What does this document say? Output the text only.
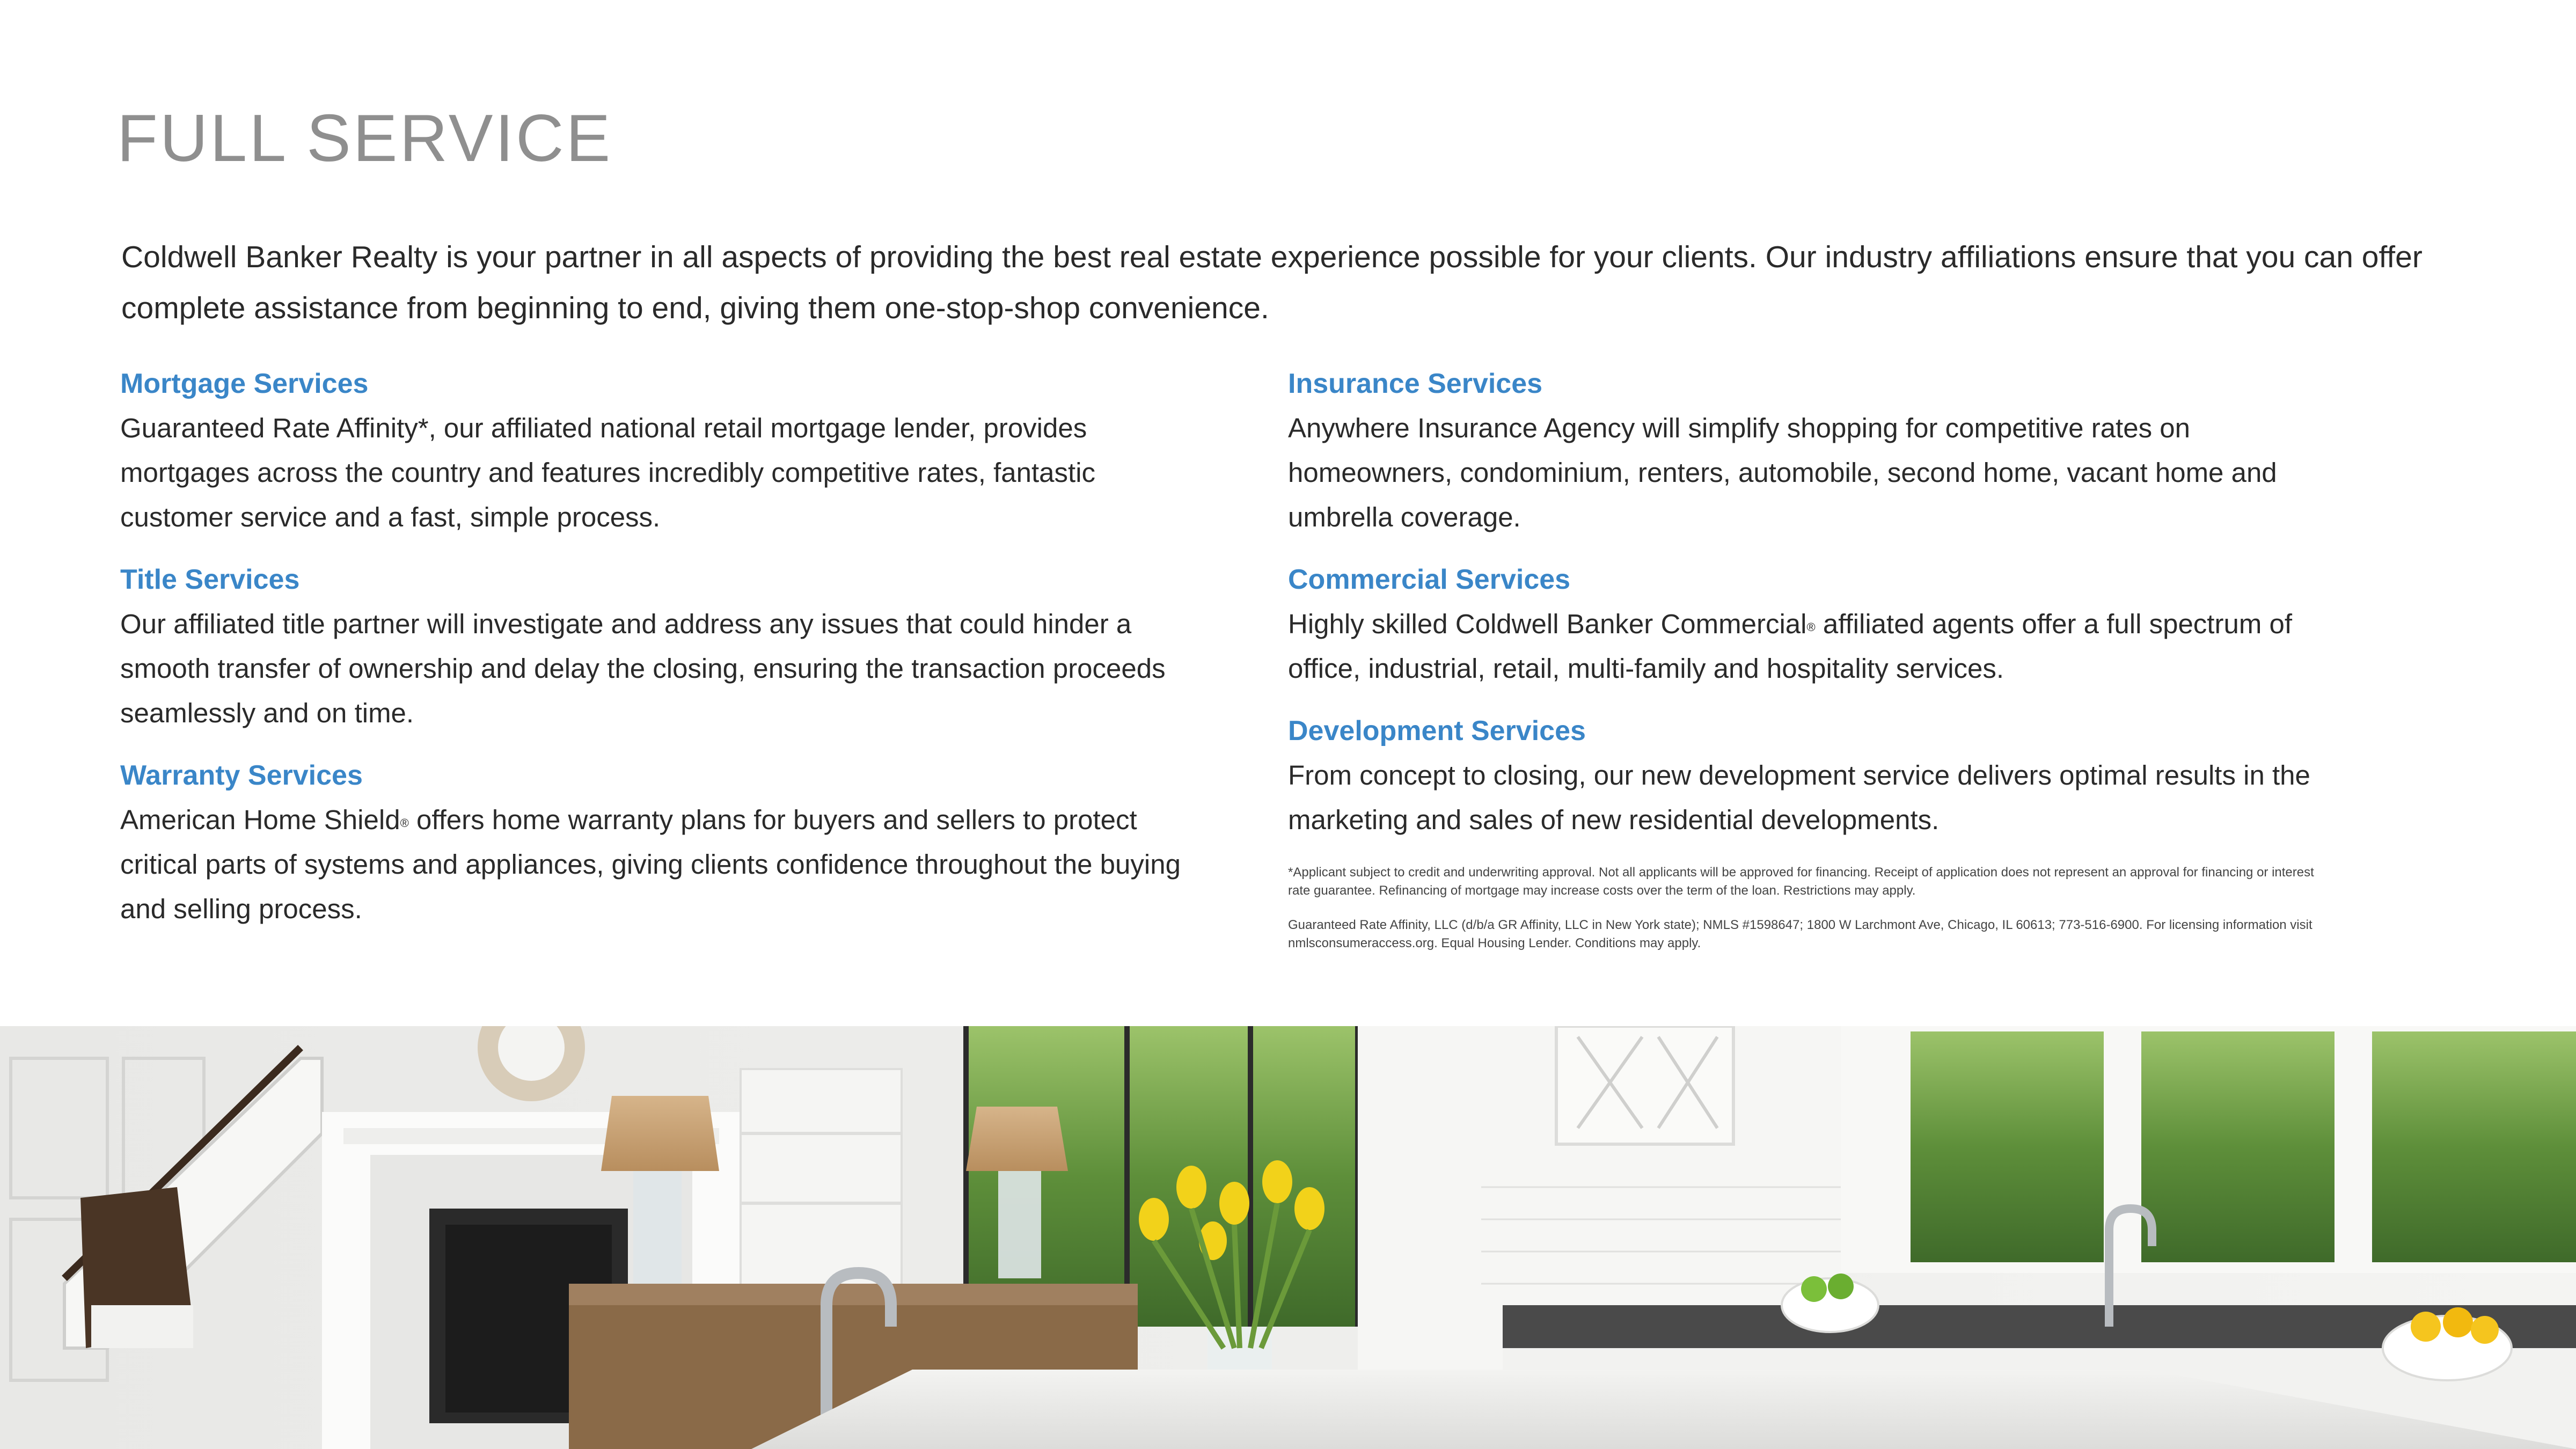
FULL SERVICE

Coldwell Banker Realty is your partner in all aspects of providing the best real estate experience possible for your clients. Our industry affiliations ensure that you can offer complete assistance from beginning to end, giving them one-stop-shop convenience.

Mortgage Services

Guaranteed Rate Affinity*, our affiliated national retail mortgage lender, provides mortgages across the country and features incredibly competitive rates, fantastic customer service and a fast, simple process.

Title Services

Our affiliated title partner will investigate and address any issues that could hinder a smooth transfer of ownership and delay the closing, ensuring the transaction proceeds seamlessly and on time.

Warranty Services

American Home Shield® offers home warranty plans for buyers and sellers to protect critical parts of systems and appliances, giving clients confidence throughout the buying and selling process.

Insurance Services

Anywhere Insurance Agency will simplify shopping for competitive rates on homeowners, condominium, renters, automobile, second home, vacant home and umbrella coverage.

Commercial Services

Highly skilled Coldwell Banker Commercial® affiliated agents offer a full spectrum of office, industrial, retail, multi-family and hospitality services.

Development Services

From concept to closing, our new development service delivers optimal results in the marketing and sales of new residential developments.

*Applicant subject to credit and underwriting approval. Not all applicants will be approved for financing. Receipt of application does not represent an approval for financing or interest rate guarantee. Refinancing of mortgage may increase costs over the term of the loan. Restrictions may apply.

Guaranteed Rate Affinity, LLC (d/b/a GR Affinity, LLC in New York state); NMLS #1598647; 1800 W Larchmont Ave, Chicago, IL 60613; 773-516-6900. For licensing information visit nmlsconsumeraccess.org. Equal Housing Lender. Conditions may apply.
